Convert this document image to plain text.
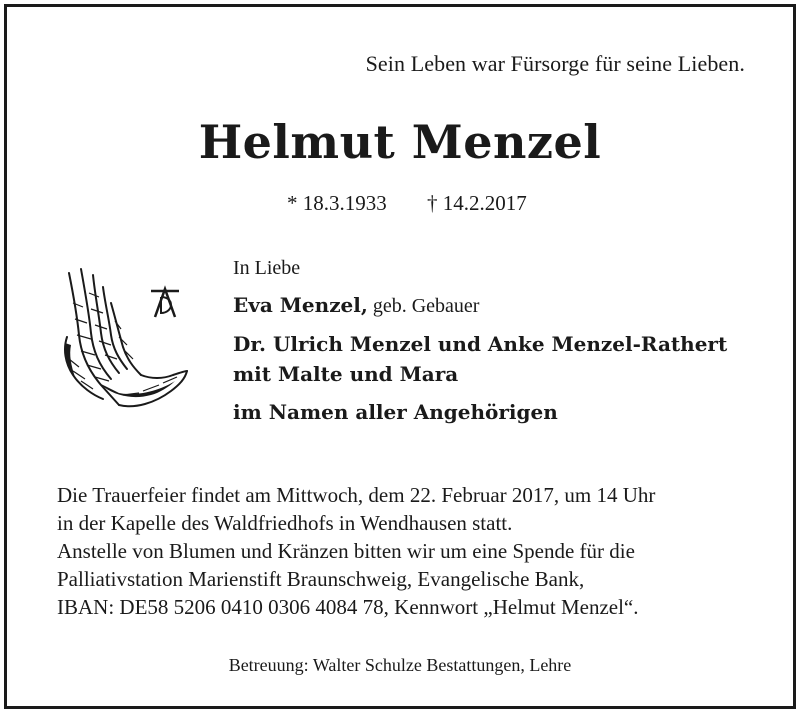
Sein Leben war Fürsorge für seine Lieben.
Helmut Menzel
* 18.3.1933 † 14.2.2017
In Liebe
Eva Menzel, geb. Gebauer
Dr. Ulrich Menzel und Anke Menzel-Rathert
mit Malte und Mara
im Namen aller Angehörigen
Die Trauerfeier findet am Mittwoch, dem 22. Februar 2017, um 14 Uhr
in der Kapelle des Waldfriedhofs in Wendhausen statt.
Anstelle von Blumen und Kränzen bitten wir um eine Spende für die
Palliativstation Marienstift Braunschweig, Evangelische Bank,
IBAN: DE58 5206 0410 0306 4084 78, Kennwort „Helmut Menzel“.
Betreuung: Walter Schulze Bestattungen, Lehre
